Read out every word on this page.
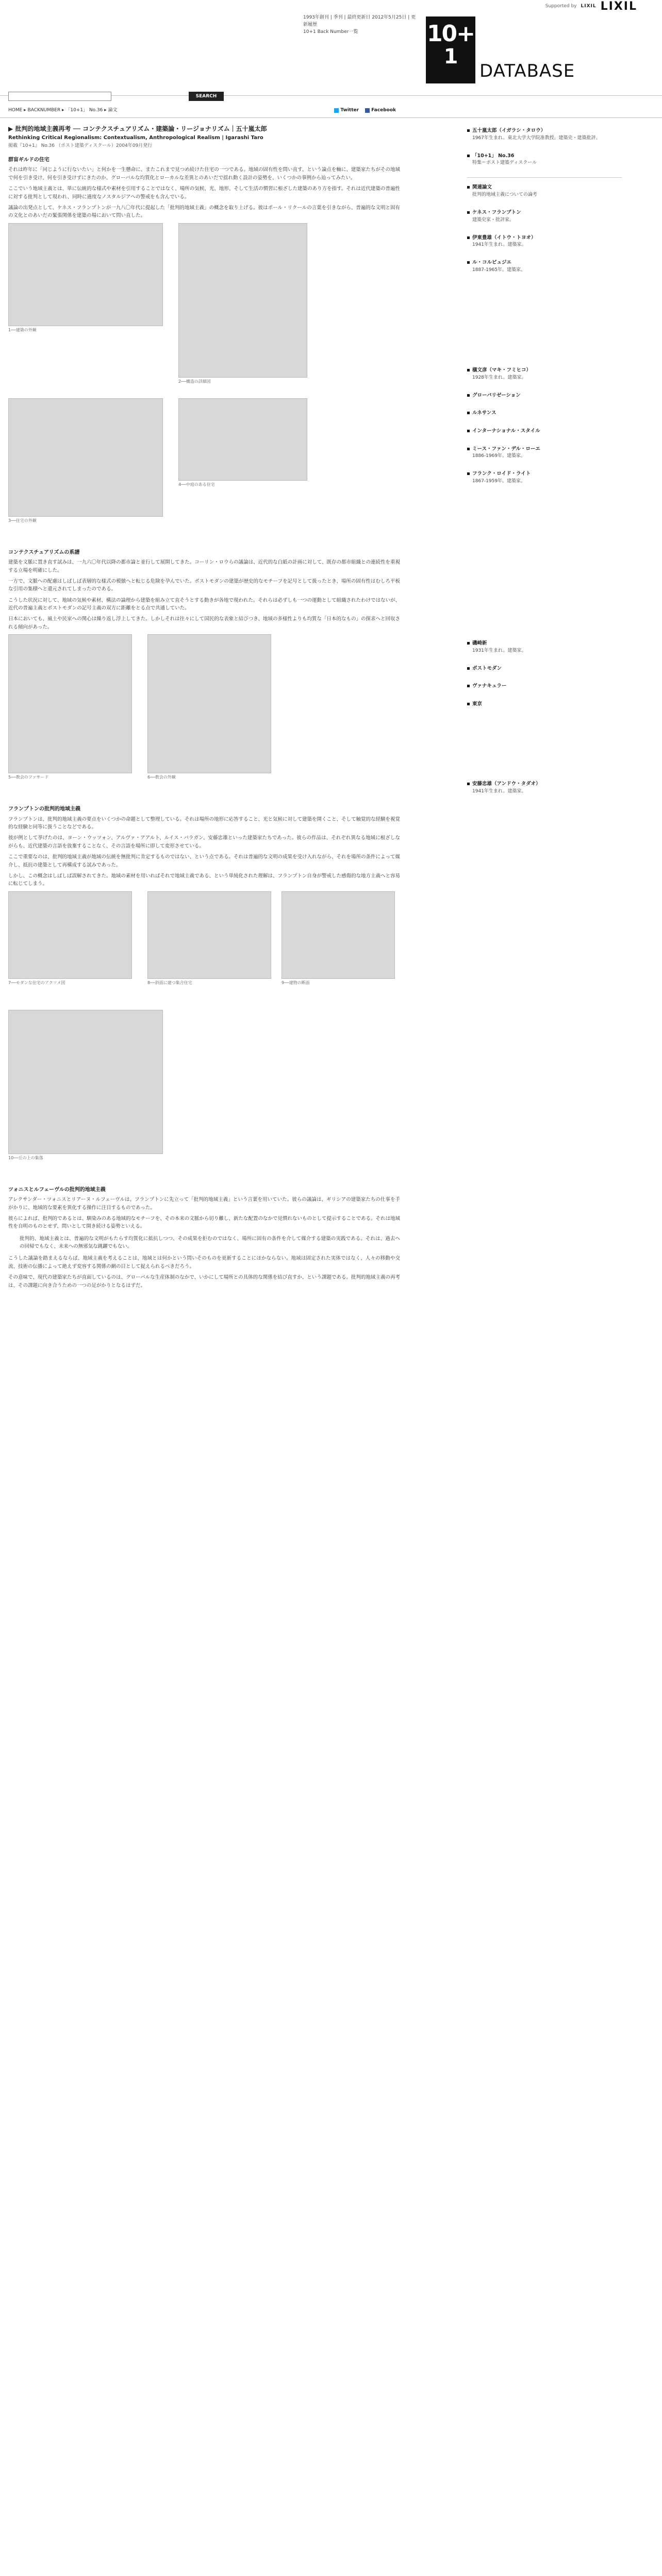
Supported by LIXIL LIXIL
1993年創刊 | 季刊 | 最終更新日 2012年5月25日 | 更新履歴
10+1 Back Number一覧	10+
1
DATABASE
SEARCH
HOME ▸ BACKNUMBER ▸ 「10+1」 No.36 ▸ 論文	Twitter	Facebook
▶ 批判的地域主義再考 ── コンテクスチュアリズム・建築論・リージョナリズム｜五十嵐太郎
Rethinking Critical Regionalism: Contextualism, Anthropological Realism | Igarashi Taro
掲載『10+1』 No.36 （ポスト建築ディスクール）2004年09月発行
群盲ギルドの住宅

それは昨年に「同じように行ないたい」と何かを一生懸命に、またこれまで見つめ続けた住宅の一つである。地域の固有性を問い直す、という論点を軸に、建築家たちがその地域で何を引き受け、何を引き受けずにきたのか、グローバルな均質化とローカルな差異とのあいだで揺れ動く設計の姿勢を、いくつかの事例から辿ってみたい。

ここでいう地域主義とは、単に伝統的な様式や素材を引用することではなく、場所の気候、光、地形、そして生活の慣習に根ざした建築のあり方を指す。それは近代建築の普遍性に対する批判として現われ、同時に過度なノスタルジアへの警戒をも含んでいる。

議論の出発点として、ケネス・フランプトンが一九八〇年代に提起した「批判的地域主義」の概念を取り上げる。彼はポール・リクールの言葉を引きながら、普遍的な文明と固有の文化とのあいだの緊張関係を建築の場において問い直した。

1──建築の外観
2──構造の詳細図
3──住宅の外観
4──中庭のある住宅
コンテクスチュアリズムの系譜

建築を文脈に置き直す試みは、一九六〇年代以降の都市論と並行して展開してきた。コーリン・ロウらの議論は、近代的な白紙の計画に対して、既存の都市組織との連続性を重視する立場を明確にした。

一方で、文脈への配慮はしばしば表層的な様式の模倣へと転じる危険を孕んでいた。ポストモダンの建築が歴史的なモチーフを記号として扱ったとき、場所の固有性はむしろ平板な引用の集積へと還元されてしまったのである。

こうした状況に対して、地域の気候や素材、構法の論理から建築を組み立て直そうとする動きが各地で現われた。それらは必ずしも一つの運動として組織されたわけではないが、近代の普遍主義とポストモダンの記号主義の双方に距離をとる点で共通していた。

日本においても、風土や民家への関心は繰り返し浮上してきた。しかしそれは往々にして国民的な表象と結びつき、地域の多様性よりも均質な「日本的なもの」の探求へと回収される傾向があった。

5──教会のファサード	6──教会の外観
フランプトンの批判的地域主義

フランプトンは、批判的地域主義の要点をいくつかの命題として整理している。それは場所の地形に応答すること、光と気候に対して建築を開くこと、そして触覚的な経験を視覚的な経験と同等に扱うことなどである。

彼が例として挙げたのは、ヨーン・ウッツォン、アルヴァ・アアルト、ルイス・バラガン、安藤忠雄といった建築家たちであった。彼らの作品は、それぞれ異なる地域に根ざしながらも、近代建築の言語を放棄することなく、その言語を場所に即して変形させている。

ここで重要なのは、批判的地域主義が地域の伝統を無批判に肯定するものではない、という点である。それは普遍的な文明の成果を受け入れながら、それを場所の条件によって媒介し、抵抗の建築として再構成する試みであった。

しかし、この概念はしばしば誤解されてきた。地域の素材を用いればそれで地域主義である、という単純化された理解は、フランプトン自身が警戒した感傷的な地方主義へと容易に転じてしまう。

7──モダンな住宅のアクソメ図	8──斜面に建つ集合住宅	9──建物の断面
10──丘の上の集落
ツォニスとルフェーヴルの批判的地域主義

アレクサンダー・ツォニスとリアーヌ・ルフェーヴルは、フランプトンに先立って「批判的地域主義」という言葉を用いていた。彼らの議論は、ギリシアの建築家たちの仕事を手がかりに、地域的な要素を異化する操作に注目するものであった。

彼らによれば、批判的であるとは、馴染みのある地域的なモチーフを、その本来の文脈から切り離し、新たな配置のなかで見慣れないものとして提示することである。それは地域性を自明のものとせず、問いとして開き続ける姿勢といえる。

批判的、地域主義とは、普遍的な文明がもたらす均質化に抵抗しつつ、その成果を拒むのではなく、場所に固有の条件を介して媒介する建築の実践である。それは、過去への回帰でもなく、未来への無邪気な跳躍でもない。

こうした議論を踏まえるならば、地域主義を考えることは、地域とは何かという問いそのものを更新することにほかならない。地域は固定された実体ではなく、人々の移動や交流、技術の伝播によって絶えず変容する関係の網の目として捉えられるべきだろう。

その意味で、現代の建築家たちが直面しているのは、グローバルな生産体制のなかで、いかにして場所との具体的な関係を結び直すか、という課題である。批判的地域主義の再考は、その課題に向き合うための一つの足がかりとなるはずだ。

五十嵐太郎（イガラシ・タロウ）
1967年生まれ。東北大学大学院准教授。建築史・建築批評。
「10+1」 No.36
特集＝ポスト建築ディスクール
関連論文
批判的地域主義についての論考
ケネス・フランプトン
建築史家・批評家。
伊東豊雄（イトウ・トヨオ）
1941年生まれ。建築家。
ル・コルビュジエ
1887-1965年。建築家。
槇文彦（マキ・フミヒコ）
1928年生まれ。建築家。
グローバリゼーション
ルネサンス
インターナショナル・スタイル
ミース・ファン・デル・ローエ
1886-1969年。建築家。
フランク・ロイド・ライト
1867-1959年。建築家。
磯崎新
1931年生まれ。建築家。
ポストモダン
ヴァナキュラー
東京
安藤忠雄（アンドウ・タダオ）
1941年生まれ。建築家。
